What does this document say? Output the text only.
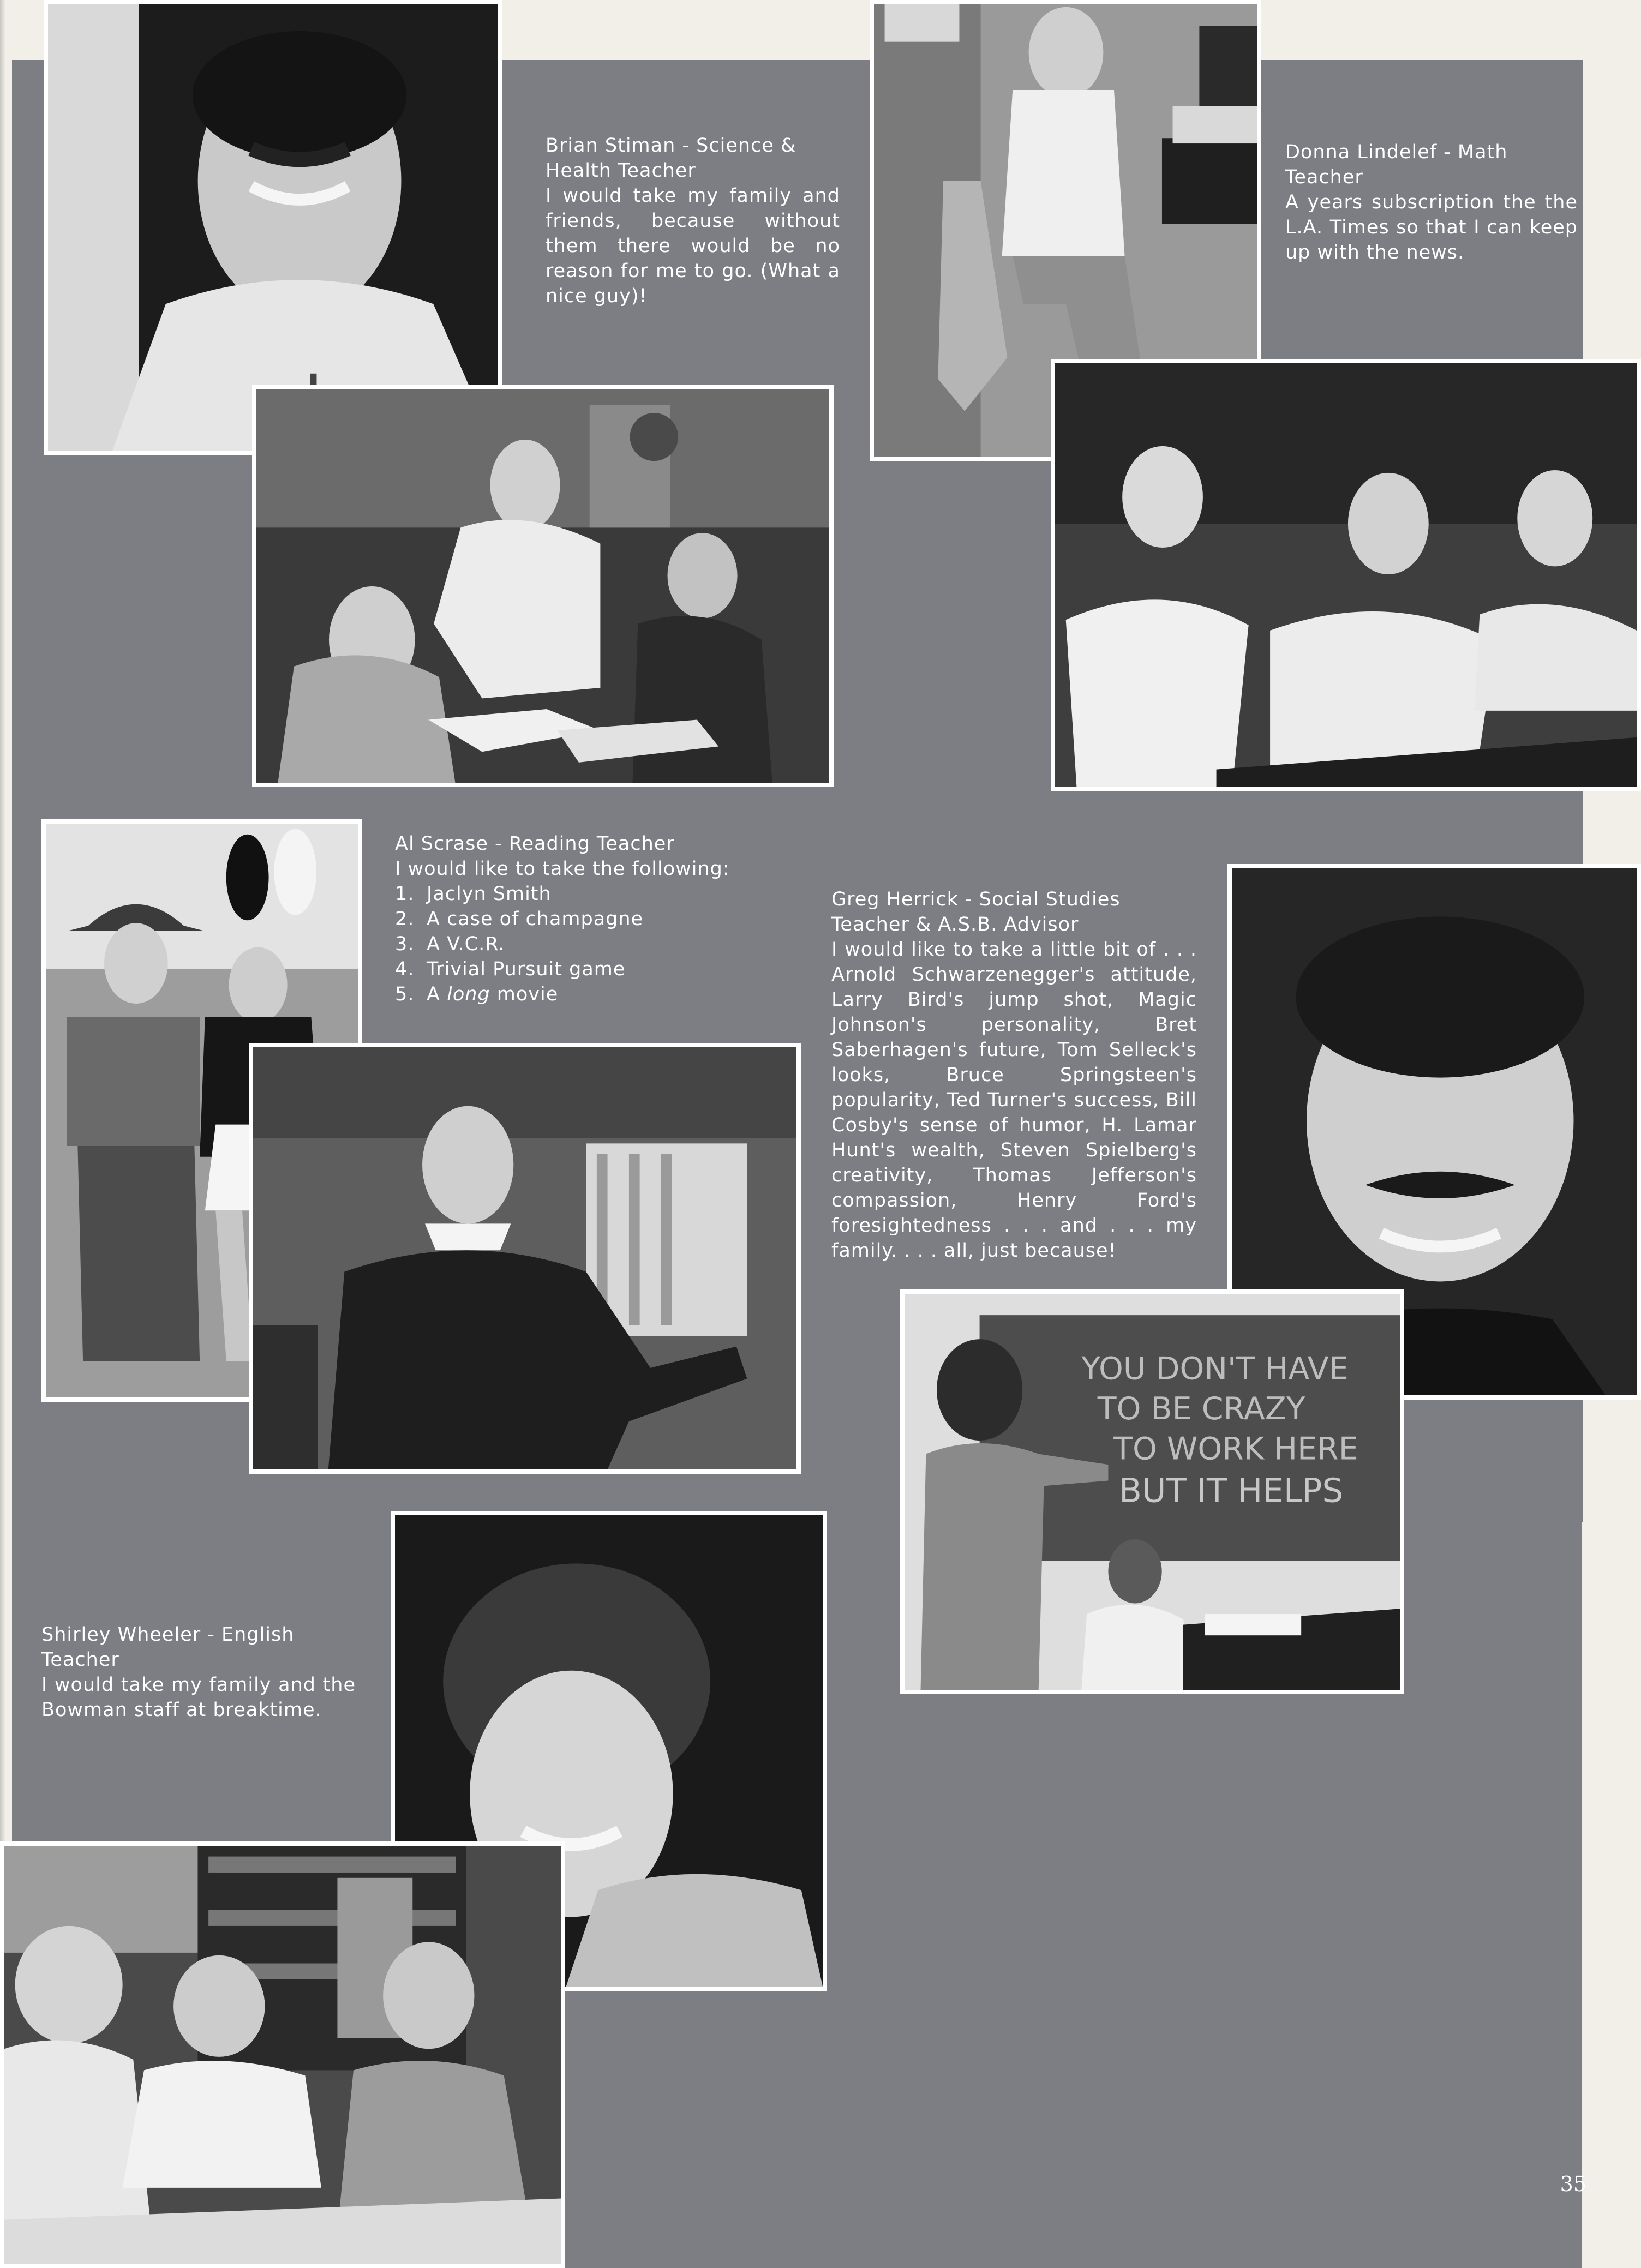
Brian Stiman - Science & Health Teacher
I would take my family and friends, because without them there would be no reason for me to go. (What a nice guy)!
Donna Lindelef - Math Teacher
A years subscription the the L.A. Times so that I can keep up with the news.
Al Scrase - Reading Teacher
I would like to take the following:
1. Jaclyn Smith
2. A case of champagne
3. A V.C.R.
4. Trivial Pursuit game
5. A long movie
Greg Herrick - Social Studies Teacher & A.S.B. Advisor
I would like to take a little bit of . . . Arnold Schwarzenegger's attitude, Larry Bird's jump shot, Magic Johnson's personality, Bret Saberhagen's future, Tom Selleck's looks, Bruce Springsteen's popularity, Ted Turner's success, Bill Cosby's sense of humor, H. Lamar Hunt's wealth, Steven Spielberg's creativity, Thomas Jefferson's compassion, Henry Ford's foresightedness . . . and . . . my family. . . . all, just because!
YOU DON'T HAVE
TO BE CRAZY
TO WORK HERE
BUT IT HELPS
Shirley Wheeler - English Teacher
I would take my family and the Bowman staff at breaktime.
35
